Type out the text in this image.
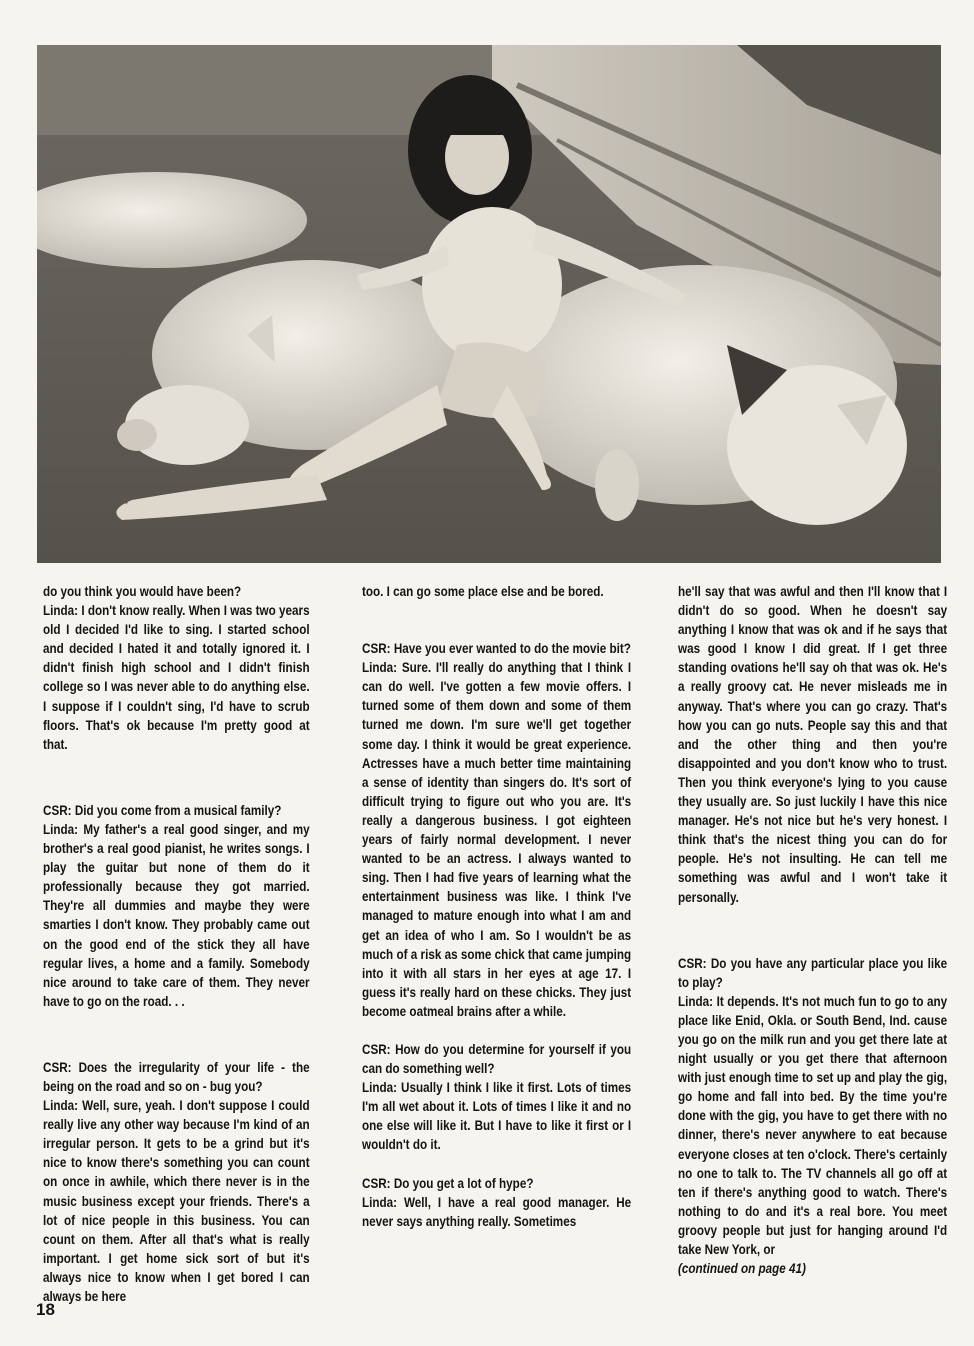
do you think you would have been?

Linda: I don't know really. When I was two years old I decided I'd like to sing. I started school and decided I hated it and totally ignored it. I didn't finish high school and I didn't finish college so I was never able to do anything else. I suppose if I couldn't sing, I'd have to scrub floors. That's ok because I'm pretty good at that.

CSR: Did you come from a musical family?

Linda: My father's a real good singer, and my brother's a real good pianist, he writes songs. I play the guitar but none of them do it professionally because they got married. They're all dummies and maybe they were smarties I don't know. They probably came out on the good end of the stick they all have regular lives, a home and a family. Somebody nice around to take care of them. They never have to go on the road. . .

CSR: Does the irregularity of your life - the being on the road and so on - bug you?

Linda: Well, sure, yeah. I don't suppose I could really live any other way because I'm kind of an irregular person. It gets to be a grind but it's nice to know there's something you can count on once in awhile, which there never is in the music business except your friends. There's a lot of nice people in this business. You can count on them. After all that's what is really important. I get home sick sort of but it's always nice to know when I get bored I can always be here

too. I can go some place else and be bored.

CSR: Have you ever wanted to do the movie bit?

Linda: Sure. I'll really do anything that I think I can do well. I've gotten a few movie offers. I turned some of them down and some of them turned me down. I'm sure we'll get together some day. I think it would be great experience. Actresses have a much better time maintaining a sense of identity than singers do. It's sort of difficult trying to figure out who you are. It's really a dangerous business. I got eighteen years of fairly normal development. I never wanted to be an actress. I always wanted to sing. Then I had five years of learning what the entertainment business was like. I think I've managed to mature enough into what I am and get an idea of who I am. So I wouldn't be as much of a risk as some chick that came jumping into it with all stars in her eyes at age 17. I guess it's really hard on these chicks. They just become oatmeal brains after a while.

CSR: How do you determine for yourself if you can do something well?

Linda: Usually I think I like it first. Lots of times I'm all wet about it. Lots of times I like it and no one else will like it. But I have to like it first or I wouldn't do it.

CSR: Do you get a lot of hype?

Linda: Well, I have a real good manager. He never says anything really. Sometimes

he'll say that was awful and then I'll know that I didn't do so good. When he doesn't say anything I know that was ok and if he says that was good I know I did great. If I get three standing ovations he'll say oh that was ok. He's a really groovy cat. He never misleads me in anyway. That's where you can go crazy. That's how you can go nuts. People say this and that and the other thing and then you're disappointed and you don't know who to trust. Then you think everyone's lying to you cause they usually are. So just luckily I have this nice manager. He's not nice but he's very honest. I think that's the nicest thing you can do for people. He's not insulting. He can tell me something was awful and I won't take it personally.

CSR: Do you have any particular place you like to play?

Linda: It depends. It's not much fun to go to any place like Enid, Okla. or South Bend, Ind. cause you go on the milk run and you get there late at night usually or you get there that afternoon with just enough time to set up and play the gig, go home and fall into bed. By the time you're done with the gig, you have to get there with no dinner, there's never anywhere to eat because everyone closes at ten o'clock. There's certainly no one to talk to. The TV channels all go off at ten if there's anything good to watch. There's nothing to do and it's a real bore. You meet groovy people but just for hanging around I'd take New York, or

(continued on page 41)

18
